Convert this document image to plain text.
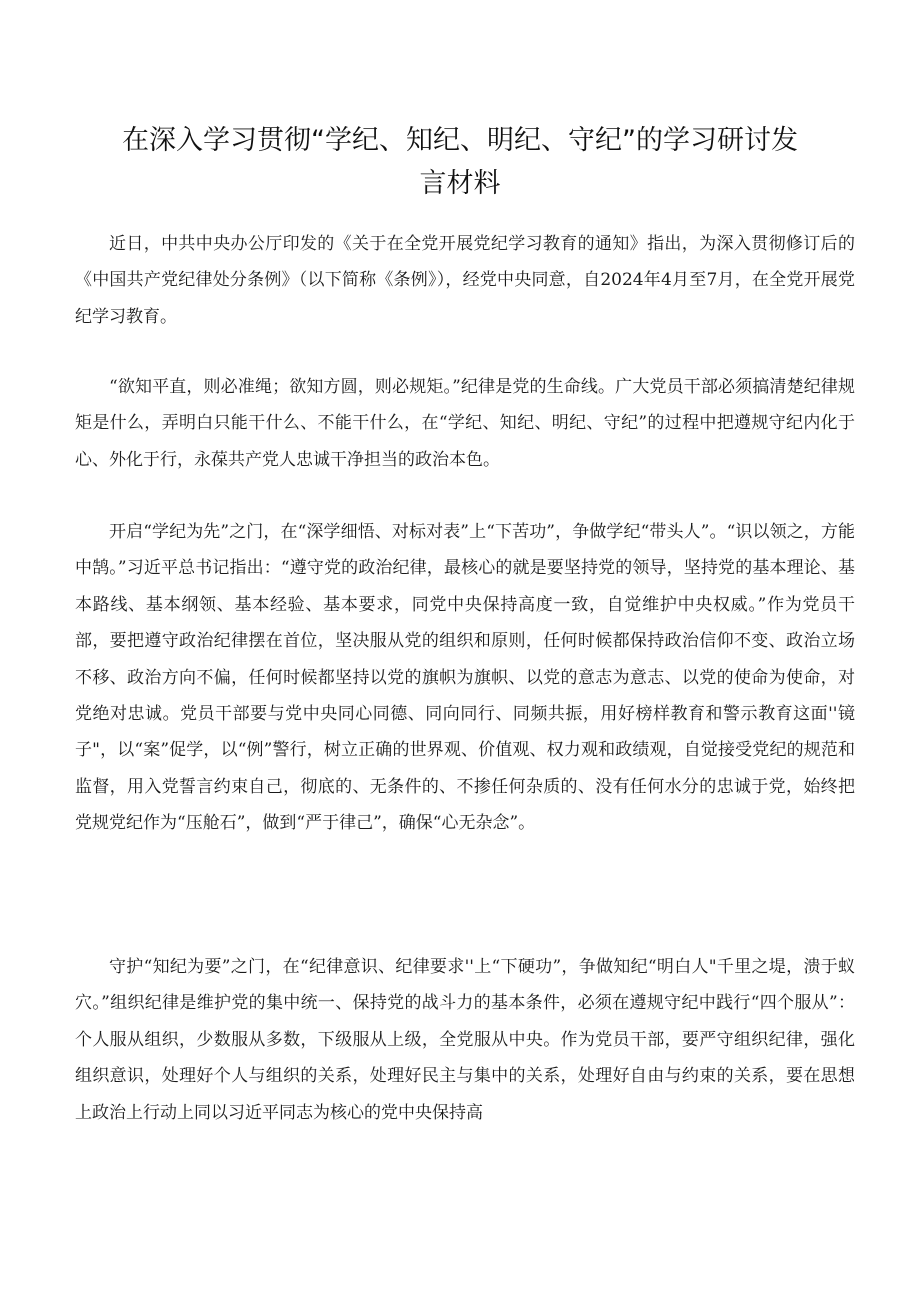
在深入学习贯彻“学纪、知纪、明纪、守纪”的学习研讨发
言材料

近日，中共中央办公厅印发的《关于在全党开展党纪学习教育的通知》指出，为深入贯彻修订后的《中国共产党纪律处分条例》（以下简称《条例》），经党中央同意，自2024年4月至7月，在全党开展党纪学习教育。

“欲知平直，则必准绳；欲知方圆，则必规矩。”纪律是党的生命线。广大党员干部必须搞清楚纪律规矩是什么，弄明白只能干什么、不能干什么，在“学纪、知纪、明纪、守纪”的过程中把遵规守纪内化于心、外化于行，永葆共产党人忠诚干净担当的政治本色。

开启“学纪为先”之门，在“深学细悟、对标对表”上“下苦功”，争做学纪“带头人”。“识以领之，方能中鹄。”习近平总书记指出：“遵守党的政治纪律，最核心的就是要坚持党的领导，坚持党的基本理论、基本路线、基本纲领、基本经验、基本要求，同党中央保持高度一致，自觉维护中央权威。”作为党员干部，要把遵守政治纪律摆在首位，坚决服从党的组织和原则，任何时候都保持政治信仰不变、政治立场不移、政治方向不偏，任何时候都坚持以党的旗帜为旗帜、以党的意志为意志、以党的使命为使命，对党绝对忠诚。党员干部要与党中央同心同德、同向同行、同频共振，用好榜样教育和警示教育这面''镜子"，以“案”促学，以“例”警行，树立正确的世界观、价值观、权力观和政绩观，自觉接受党纪的规范和监督，用入党誓言约束自己，彻底的、无条件的、不掺任何杂质的、没有任何水分的忠诚于党，始终把党规党纪作为“压舱石”，做到“严于律己”，确保“心无杂念”。

守护“知纪为要”之门，在“纪律意识、纪律要求''上“下硬功”，争做知纪“明白人"千里之堤，溃于蚁穴。”组织纪律是维护党的集中统一、保持党的战斗力的基本条件，必须在遵规守纪中践行“四个服从”：个人服从组织，少数服从多数，下级服从上级，全党服从中央。作为党员干部，要严守组织纪律，强化组织意识，处理好个人与组织的关系，处理好民主与集中的关系，处理好自由与约束的关系，要在思想上政治上行动上同以习近平同志为核心的党中央保持高
